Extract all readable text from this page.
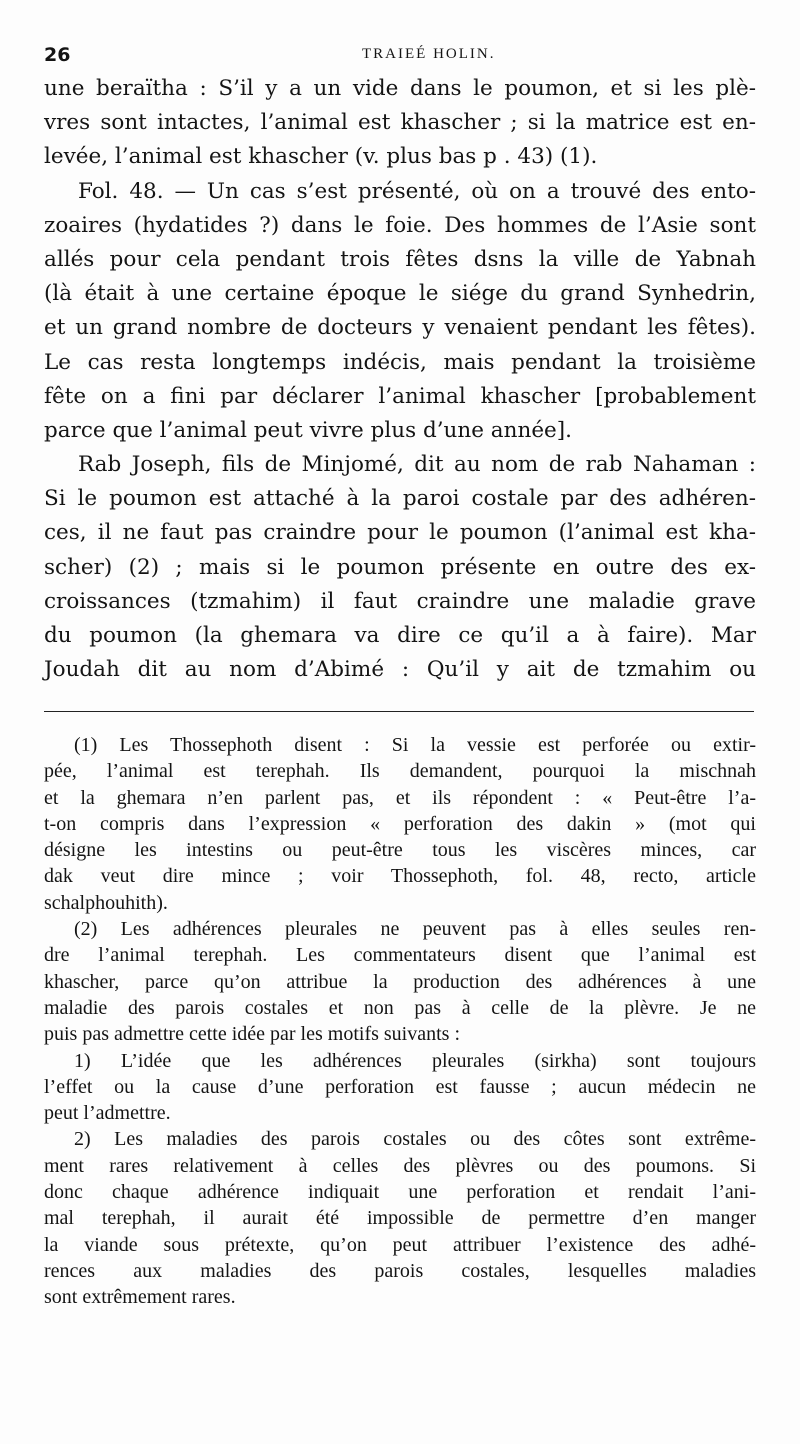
26	TRAIEÉ HOLIN.
une beraïtha : S’il y a un vide dans le poumon, et si les plè-
vres sont intactes, l’animal est khascher ; si la matrice est en-
levée, l’animal est khascher (v. plus bas p . 43) (1).
Fol. 48. — Un cas s’est présenté, où on a trouvé des ento-
zoaires (hydatides ?) dans le foie. Des hommes de l’Asie sont
allés pour cela pendant trois fêtes dsns la ville de Yabnah
(là était à une certaine époque le siége du grand Synhedrin,
et un grand nombre de docteurs y venaient pendant les fêtes).
Le cas resta longtemps indécis, mais pendant la troisième
fête on a fini par déclarer l’animal khascher [probablement
parce que l’animal peut vivre plus d’une année].
Rab Joseph, fils de Minjomé, dit au nom de rab Nahaman :
Si le poumon est attaché à la paroi costale par des adhéren-
ces, il ne faut pas craindre pour le poumon (l’animal est kha-
scher) (2) ; mais si le poumon présente en outre des ex-
croissances (tzmahim) il faut craindre une maladie grave
du poumon (la ghemara va dire ce qu’il a à faire). Mar
Joudah dit au nom d’Abimé : Qu’il y ait de tzmahim ou
(1) Les Thossephoth disent : Si la vessie est perforée ou extir-
pée, l’animal est terephah. Ils demandent, pourquoi la mischnah
et la ghemara n’en parlent pas, et ils répondent : « Peut-être l’a-
t-on compris dans l’expression « perforation des dakin » (mot qui
désigne les intestins ou peut-être tous les viscères minces, car
dak veut dire mince ; voir Thossephoth, fol. 48, recto, article
schalphouhith).
(2) Les adhérences pleurales ne peuvent pas à elles seules ren-
dre l’animal terephah. Les commentateurs disent que l’animal est
khascher, parce qu’on attribue la production des adhérences à une
maladie des parois costales et non pas à celle de la plèvre. Je ne
puis pas admettre cette idée par les motifs suivants :
1) L’idée que les adhérences pleurales (sirkha) sont toujours
l’effet ou la cause d’une perforation est fausse ; aucun médecin ne
peut l’admettre.
2) Les maladies des parois costales ou des côtes sont extrême-
ment rares relativement à celles des plèvres ou des poumons. Si
donc chaque adhérence indiquait une perforation et rendait l’ani-
mal terephah, il aurait été impossible de permettre d’en manger
la viande sous prétexte, qu’on peut attribuer l’existence des adhé-
rences aux maladies des parois costales, lesquelles maladies
sont extrêmement rares.
